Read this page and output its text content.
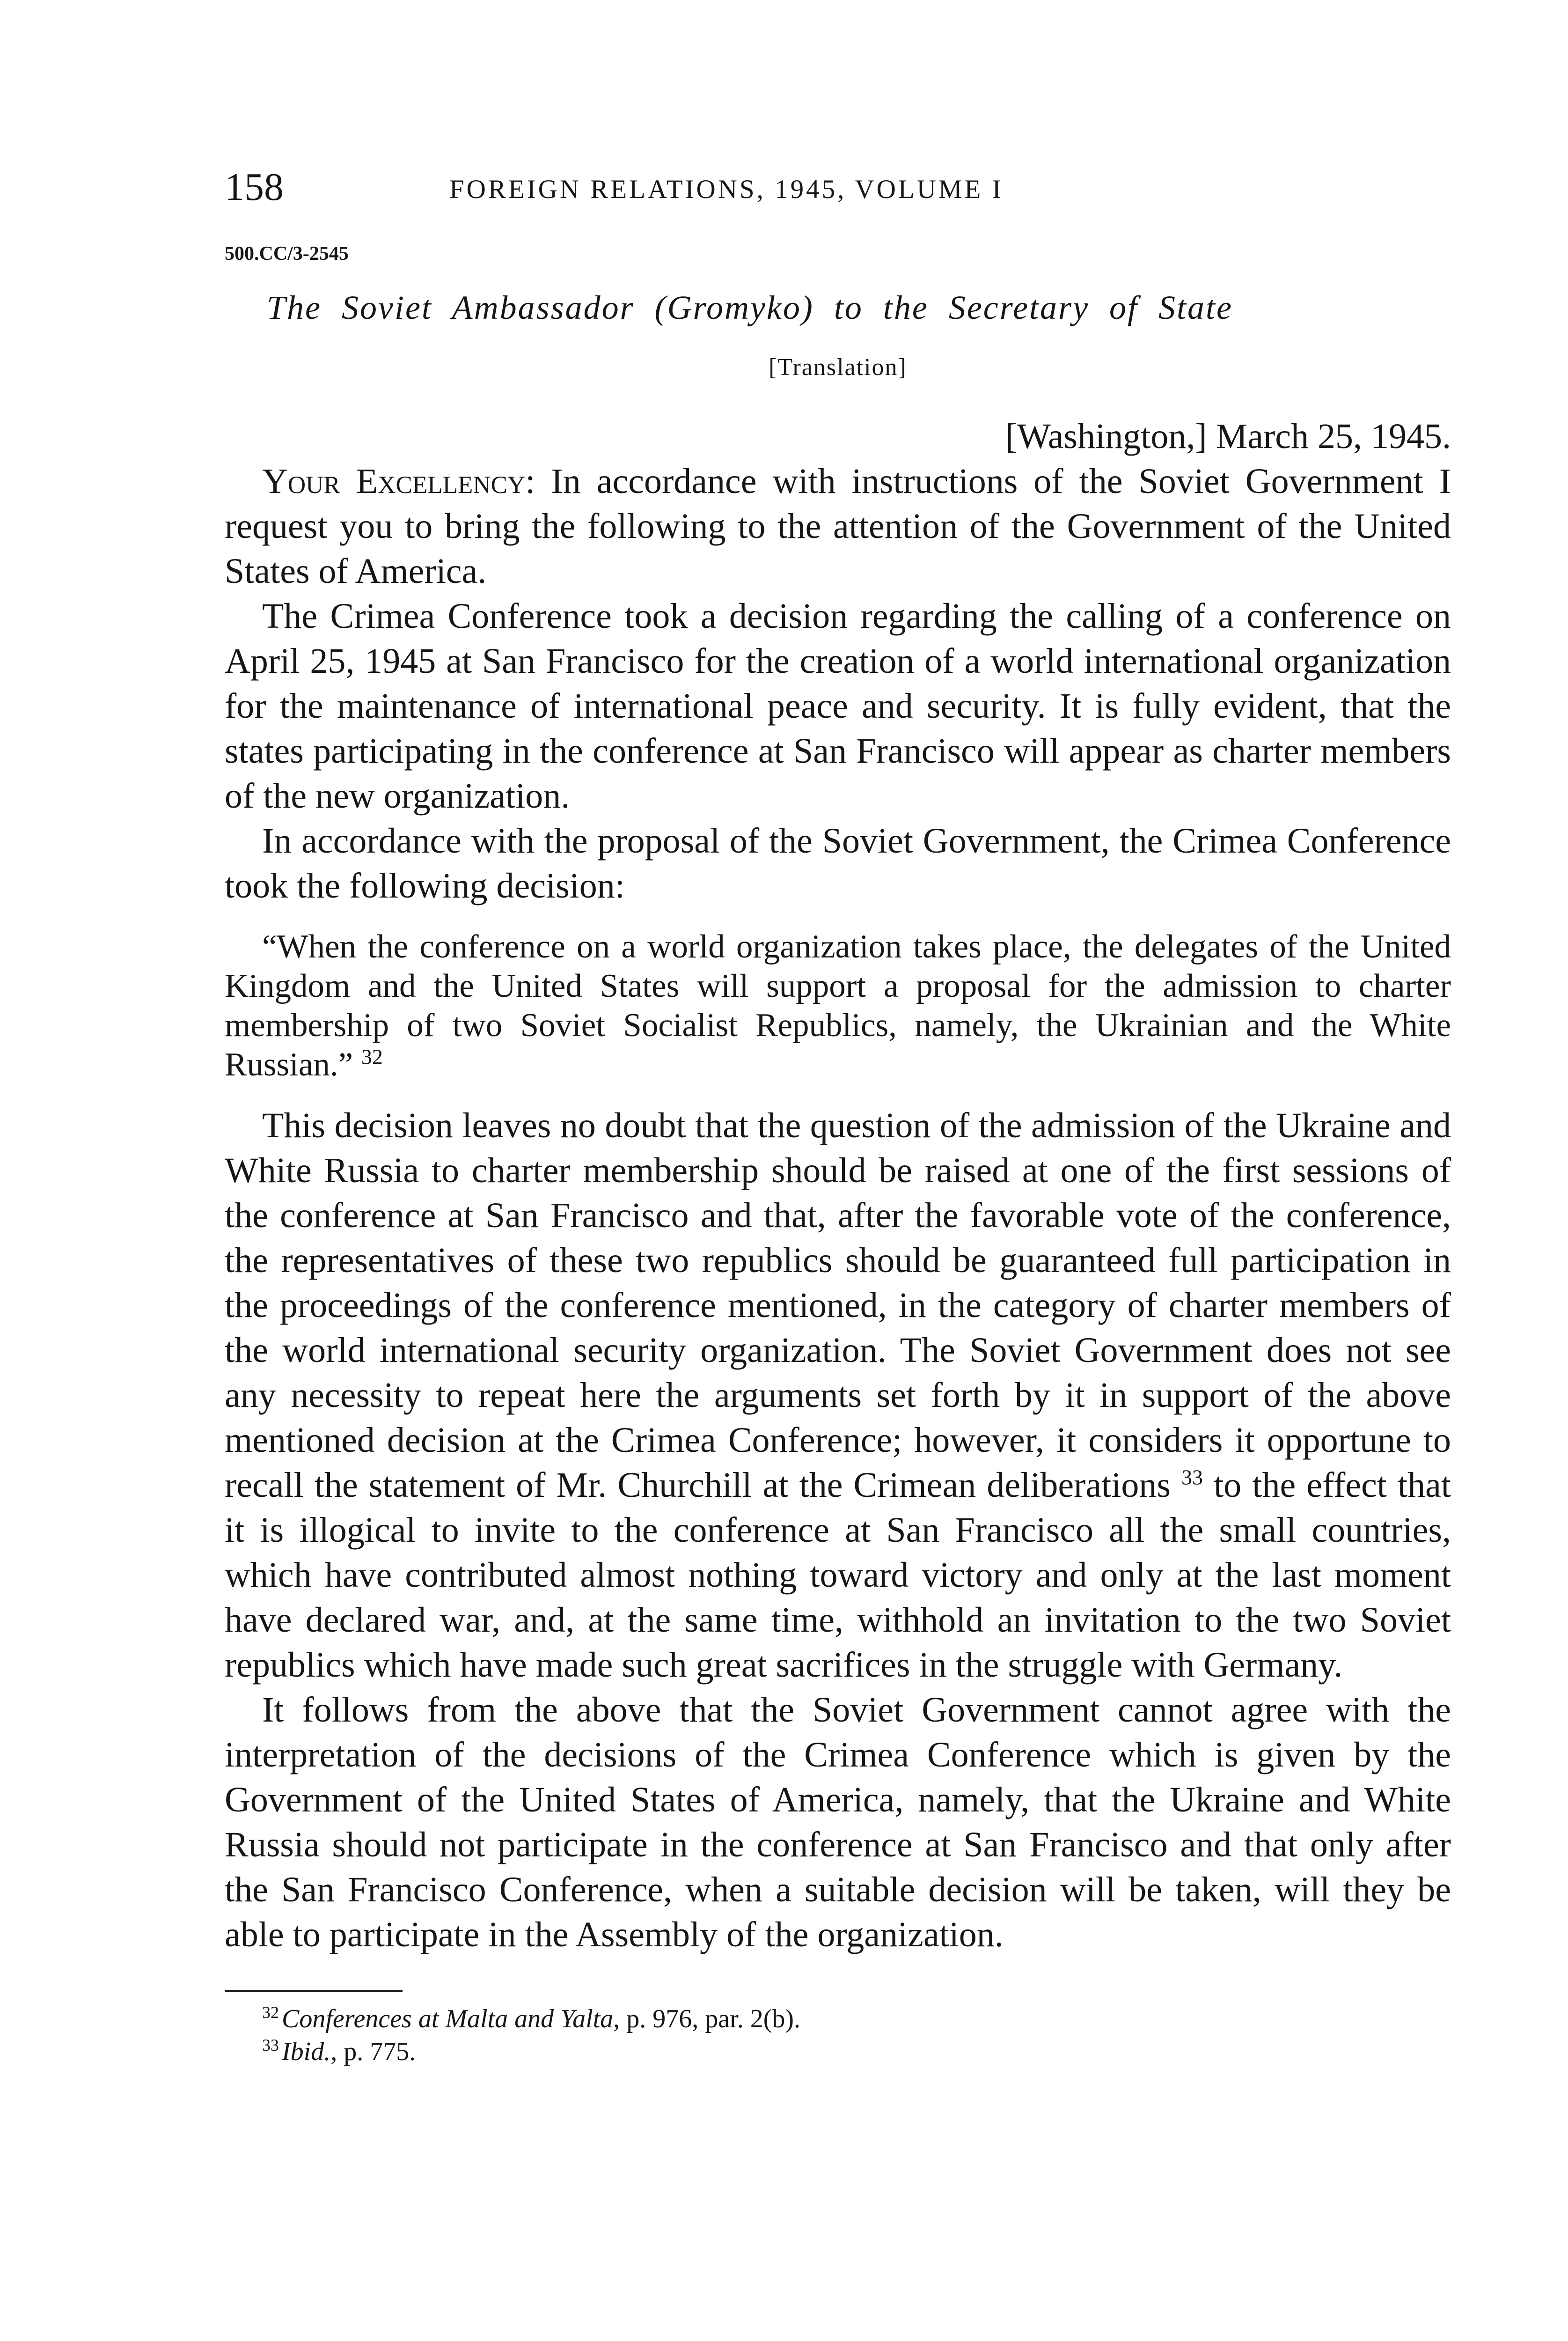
158	FOREIGN RELATIONS, 1945, VOLUME I
500.CC/3-2545
The Soviet Ambassador (Gromyko) to the Secretary of State
[Translation]
[Washington,] March 25, 1945.

Your Excellency: In accordance with instructions of the Soviet Government I request you to bring the following to the attention of the Government of the United States of America.

The Crimea Conference took a decision regarding the calling of a conference on April 25, 1945 at San Francisco for the creation of a world international organization for the maintenance of international peace and security. It is fully evident, that the states participating in the conference at San Francisco will appear as charter members of the new organization.

In accordance with the proposal of the Soviet Government, the Crimea Conference took the following decision:

“When the conference on a world organization takes place, the delegates of the United Kingdom and the United States will support a proposal for the admission to charter membership of two Soviet Socialist Republics, namely, the Ukrainian and the White Russian.” $^{32}$

This decision leaves no doubt that the question of the admission of the Ukraine and White Russia to charter membership should be raised at one of the first sessions of the conference at San Francisco and that, after the favorable vote of the conference, the representatives of these two republics should be guaranteed full participation in the proceedings of the conference mentioned, in the category of charter members of the world international security organization. The Soviet Government does not see any necessity to repeat here the arguments set forth by it in support of the above mentioned decision at the Crimea Conference; however, it considers it opportune to recall the statement of Mr. Churchill at the Crimean deliberations $^{33}$ to the effect that it is illogical to invite to the conference at San Francisco all the small countries, which have contributed almost nothing toward victory and only at the last moment have declared war, and, at the same time, withhold an invitation to the two Soviet republics which have made such great sacrifices in the struggle with Germany.

It follows from the above that the Soviet Government cannot agree with the interpretation of the decisions of the Crimea Conference which is given by the Government of the United States of America, namely, that the Ukraine and White Russia should not participate in the conference at San Francisco and that only after the San Francisco Conference, when a suitable decision will be taken, will they be able to participate in the Assembly of the organization.

$^{32}$ Conferences at Malta and Yalta, p. 976, par. 2(b).
$^{33}$ Ibid., p. 775.
